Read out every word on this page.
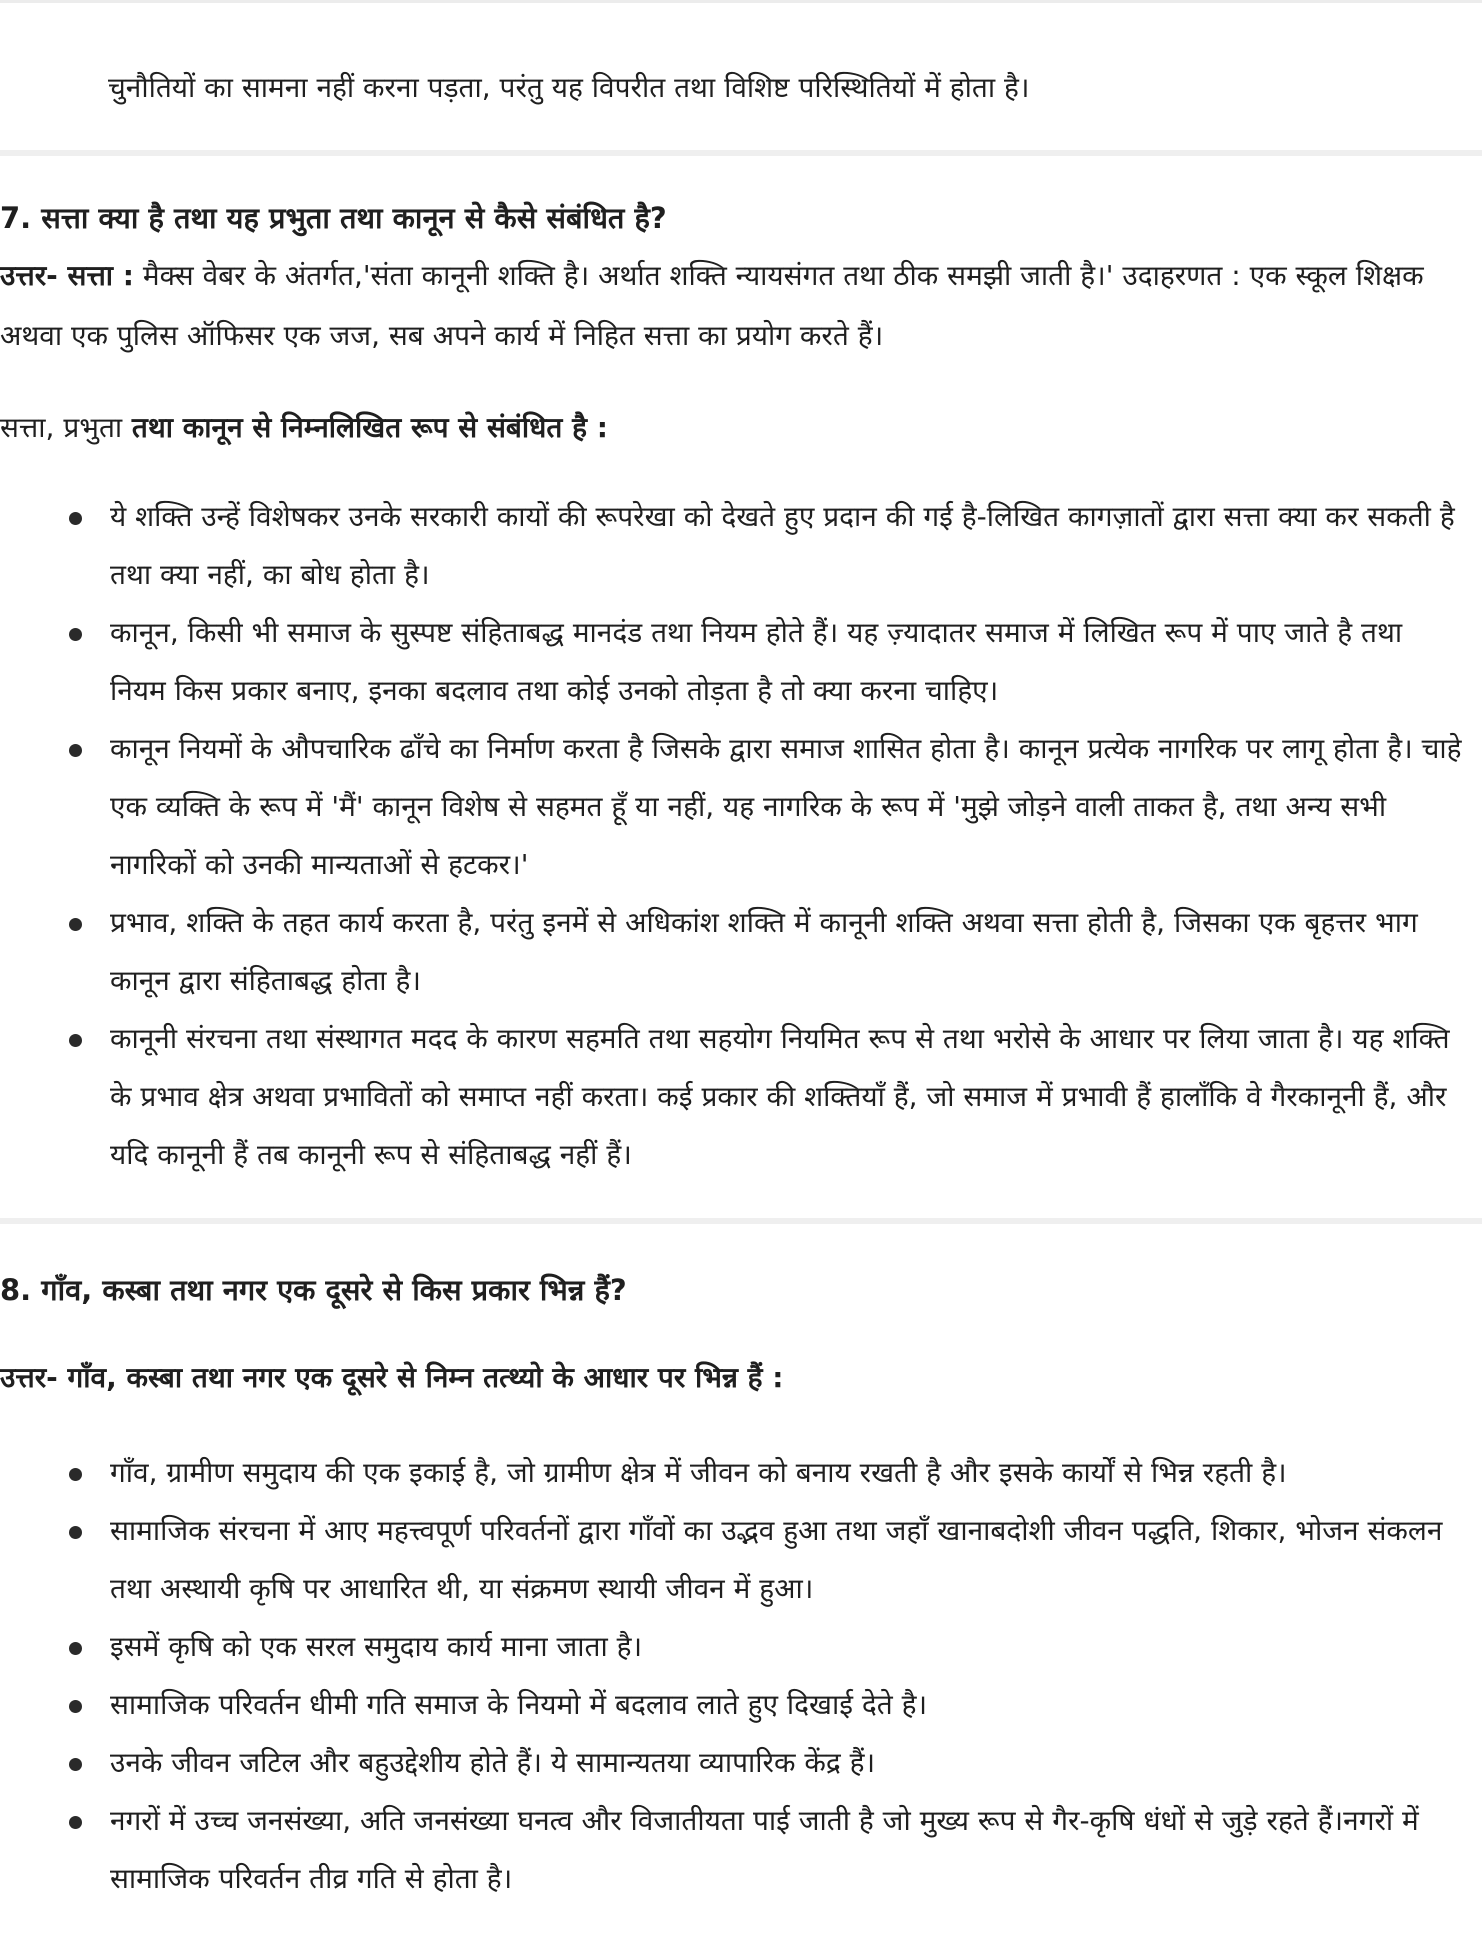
चुनौतियों का सामना नहीं करना पड़ता, परंतु यह विपरीत तथा विशिष्ट परिस्थितियों में होता है।

7. सत्ता क्या है तथा यह प्रभुता तथा कानून से कैसे संबंधित है?

उत्तर- सत्ता : मैक्स वेबर के अंतर्गत,'संता कानूनी शक्ति है। अर्थात शक्ति न्यायसंगत तथा ठीक समझी जाती है।' उदाहरणत : एक स्कूल शिक्षक अथवा एक पुलिस ऑफिसर एक जज, सब अपने कार्य में निहित सत्ता का प्रयोग करते हैं।

सत्ता, प्रभुता तथा कानून से निम्नलिखित रूप से संबंधित है :

ये शक्ति उन्हें विशेषकर उनके सरकारी कायों की रूपरेखा को देखते हुए प्रदान की गई है-लिखित कागज़ातों द्वारा सत्ता क्या कर सकती है तथा क्या नहीं, का बोध होता है।
कानून, किसी भी समाज के सुस्पष्ट संहिताबद्ध मानदंड तथा नियम होते हैं। यह ज़्यादातर समाज में लिखित रूप में पाए जाते है तथा नियम किस प्रकार बनाए, इनका बदलाव तथा कोई उनको तोड़ता है तो क्या करना चाहिए।
कानून नियमों के औपचारिक ढाँचे का निर्माण करता है जिसके द्वारा समाज शासित होता है। कानून प्रत्येक नागरिक पर लागू होता है। चाहे एक व्यक्ति के रूप में 'मैं' कानून विशेष से सहमत हूँ या नहीं, यह नागरिक के रूप में 'मुझे जोड़ने वाली ताकत है, तथा अन्य सभी नागरिकों को उनकी मान्यताओं से हटकर।'
प्रभाव, शक्ति के तहत कार्य करता है, परंतु इनमें से अधिकांश शक्ति में कानूनी शक्ति अथवा सत्ता होती है, जिसका एक बृहत्तर भाग कानून द्वारा संहिताबद्ध होता है।
कानूनी संरचना तथा संस्थागत मदद के कारण सहमति तथा सहयोग नियमित रूप से तथा भरोसे के आधार पर लिया जाता है। यह शक्ति के प्रभाव क्षेत्र अथवा प्रभावितों को समाप्त नहीं करता। कई प्रकार की शक्तियाँ हैं, जो समाज में प्रभावी हैं हालाँकि वे गैरकानूनी हैं, और यदि कानूनी हैं तब कानूनी रूप से संहिताबद्ध नहीं हैं।
8. गाँव, कस्बा तथा नगर एक दूसरे से किस प्रकार भिन्न हैं?

उत्तर- गाँव, कस्बा तथा नगर एक दूसरे से निम्न तत्थ्यो के आधार पर भिन्न हैं :

गाँव, ग्रामीण समुदाय की एक इकाई है, जो ग्रामीण क्षेत्र में जीवन को बनाय रखती है और इसके कार्यों से भिन्न रहती है।
सामाजिक संरचना में आए महत्त्वपूर्ण परिवर्तनों द्वारा गाँवों का उद्भव हुआ तथा जहाँ खानाबदोशी जीवन पद्धति, शिकार, भोजन संकलन तथा अस्थायी कृषि पर आधारित थी, या संक्रमण स्थायी जीवन में हुआ।
इसमें कृषि को एक सरल समुदाय कार्य माना जाता है।
सामाजिक परिवर्तन धीमी गति समाज के नियमो में बदलाव लाते हुए दिखाई देते है।
उनके जीवन जटिल और बहुउद्देशीय होते हैं। ये सामान्यतया व्यापारिक केंद्र हैं।
नगरों में उच्च जनसंख्या, अति जनसंख्या घनत्व और विजातीयता पाई जाती है जो मुख्य रूप से गैर-कृषि धंधों से जुड़े रहते हैं।नगरों में सामाजिक परिवर्तन तीव्र गति से होता है।
